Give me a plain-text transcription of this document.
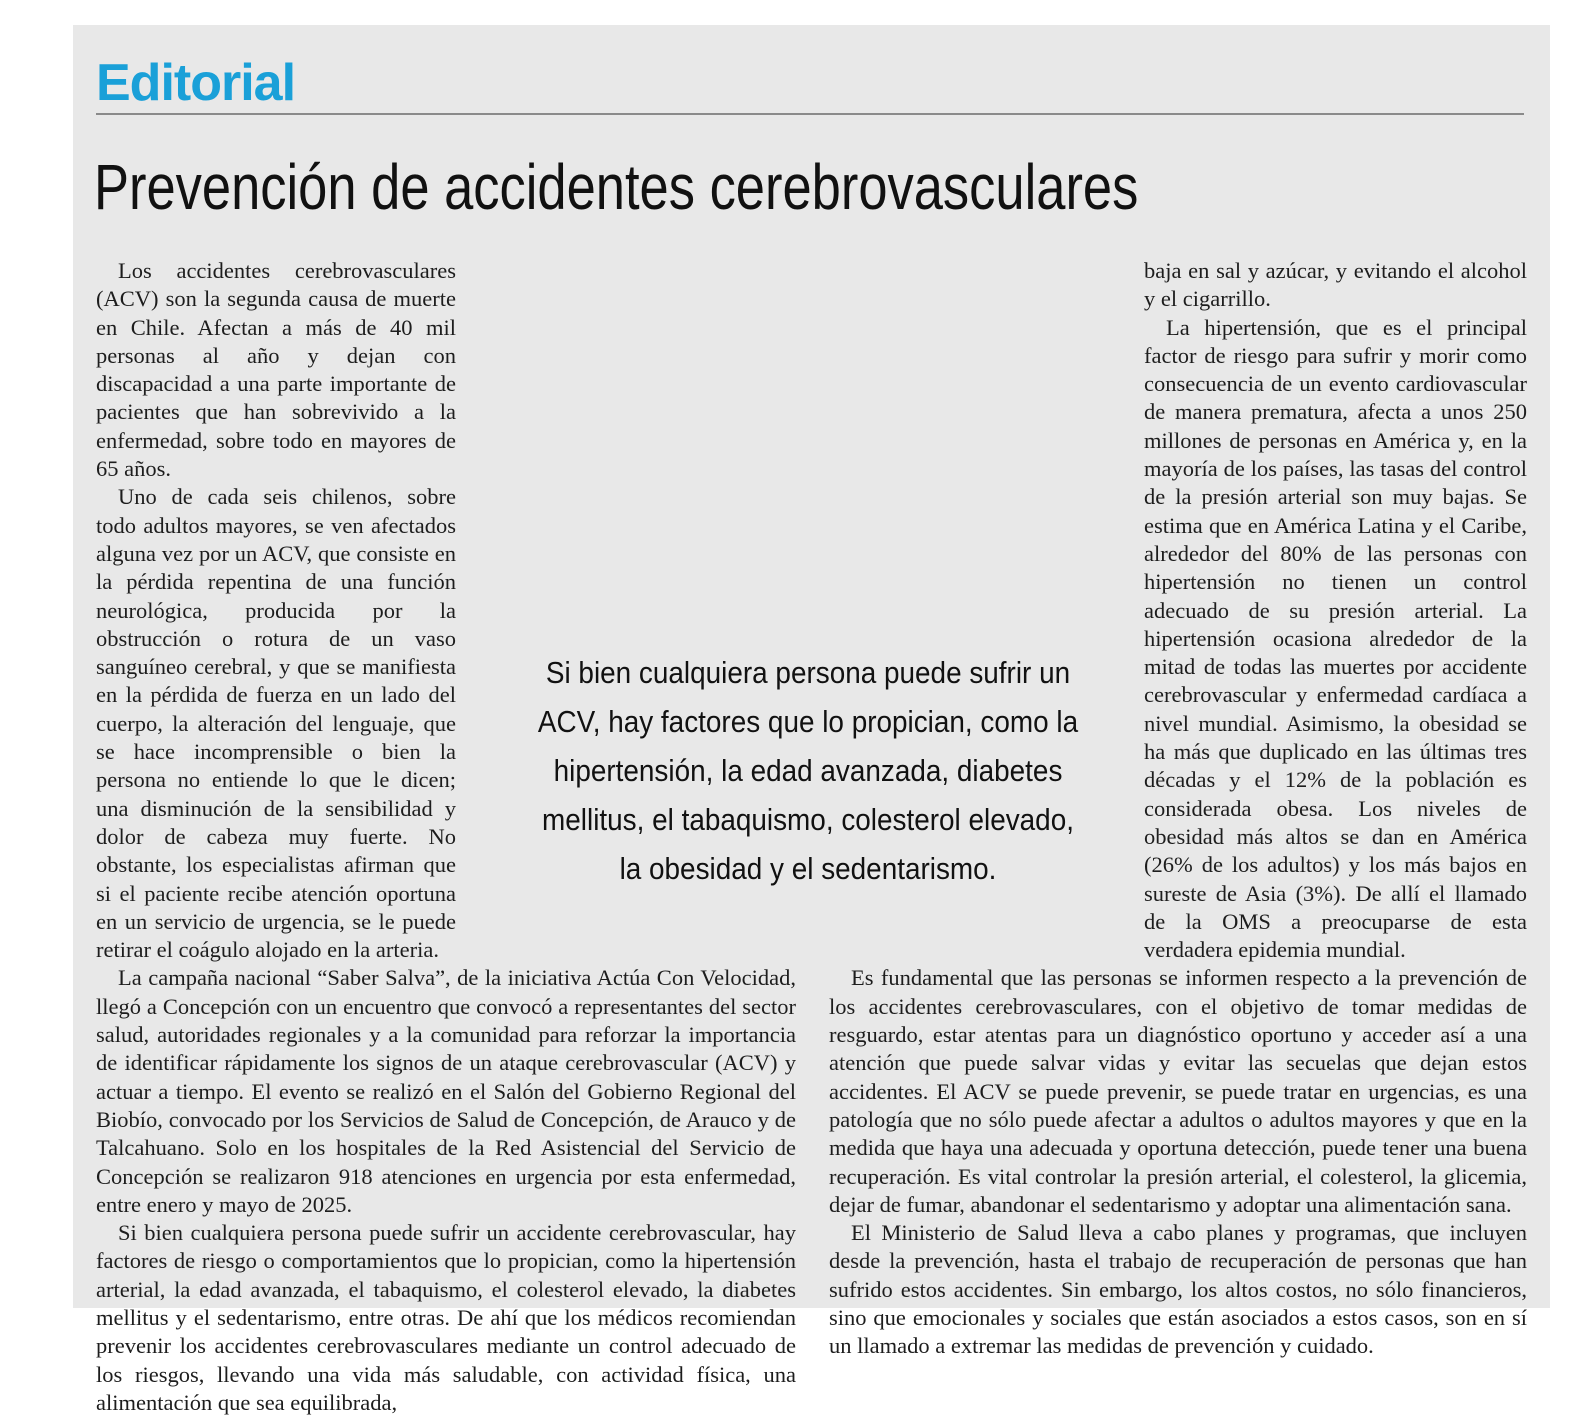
Editorial
Prevención de accidentes cerebrovasculares

Los accidentes cerebrovasculares (ACV) son la segunda causa de muerte en Chile. Afectan a más de 40 mil personas al año y dejan con discapacidad a una parte importante de pacientes que han sobrevivido a la enfermedad, sobre todo en mayores de 65 años.

Uno de cada seis chilenos, sobre todo adultos mayores, se ven afectados alguna vez por un ACV, que consiste en la pérdida repentina de una función neurológica, producida por la obstrucción o rotura de un vaso sanguíneo cerebral, y que se manifiesta en la pérdida de fuerza en un lado del cuerpo, la alteración del lenguaje, que se hace incomprensible o bien la persona no entiende lo que le dicen; una disminución de la sensibilidad y dolor de cabeza muy fuerte. No obstante, los especialistas afirman que si el paciente recibe atención oportuna en un servicio de urgencia, se le puede retirar el coágulo alojado en la arteria.

La campaña nacional “Saber Salva”, de la iniciativa Actúa Con Velocidad, llegó a Concepción con un encuentro que convocó a representantes del sector salud, autoridades regionales y a la comunidad para reforzar la importancia de identificar rápidamente los signos de un ataque cerebrovascular (ACV) y actuar a tiempo. El evento se realizó en el Salón del Gobierno Regional del Biobío, convocado por los Servicios de Salud de Concepción, de Arauco y de Talcahuano. Solo en los hospitales de la Red Asistencial del Servicio de Concepción se realizaron 918 atenciones en urgencia por esta enfermedad, entre enero y mayo de 2025.

Si bien cualquiera persona puede sufrir un accidente cerebrovascular, hay factores de riesgo o comportamientos que lo propician, como la hipertensión arterial, la edad avanzada, el tabaquismo, el colesterol elevado, la diabetes mellitus y el sedentarismo, entre otras. De ahí que los médicos recomiendan prevenir los accidentes cerebrovasculares mediante un control adecuado de los riesgos, llevando una vida más saludable, con actividad física, una alimentación que sea equilibrada,

baja en sal y azúcar, y evitando el alcohol y el cigarrillo.

La hipertensión, que es el principal factor de riesgo para sufrir y morir como consecuencia de un evento cardiovascular de manera prematura, afecta a unos 250 millones de personas en América y, en la mayoría de los países, las tasas del control de la presión arterial son muy bajas. Se estima que en América Latina y el Caribe, alrededor del 80% de las personas con hipertensión no tienen un control adecuado de su presión arterial. La hipertensión ocasiona alrededor de la mitad de todas las muertes por accidente cerebrovascular y enfermedad cardíaca a nivel mundial. Asimismo, la obesidad se ha más que duplicado en las últimas tres décadas y el 12% de la población es considerada obesa. Los niveles de obesidad más altos se dan en América (26% de los adultos) y los más bajos en sureste de Asia (3%). De allí el llamado de la OMS a preocuparse de esta verdadera epidemia mundial.

Es fundamental que las personas se informen respecto a la prevención de los accidentes cerebrovasculares, con el objetivo de tomar medidas de resguardo, estar atentas para un diagnóstico oportuno y acceder así a una atención que puede salvar vidas y evitar las secuelas que dejan estos accidentes. El ACV se puede prevenir, se puede tratar en urgencias, es una patología que no sólo puede afectar a adultos o adultos mayores y que en la medida que haya una adecuada y oportuna detección, puede tener una buena recuperación. Es vital controlar la presión arterial, el colesterol, la glicemia, dejar de fumar, abandonar el sedentarismo y adoptar una alimentación sana.

El Ministerio de Salud lleva a cabo planes y programas, que incluyen desde la prevención, hasta el trabajo de recuperación de personas que han sufrido estos accidentes. Sin embargo, los altos costos, no sólo financieros, sino que emocionales y sociales que están asociados a estos casos, son en sí un llamado a extremar las medidas de prevención y cuidado.

Si bien cualquiera persona puede sufrir un ACV, hay factores que lo propician, como la hipertensión, la edad avanzada, diabetes mellitus, el tabaquismo, colesterol elevado, la obesidad y el sedentarismo.
